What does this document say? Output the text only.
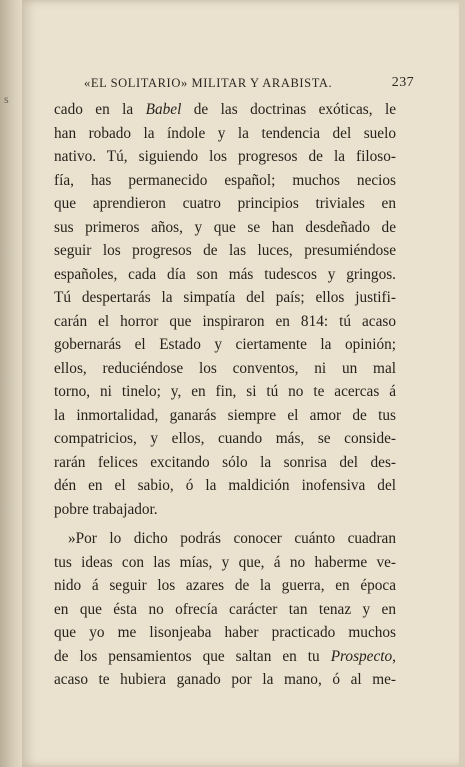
s
«EL SOLITARIO» MILITAR Y ARABISTA.	237
cado en la Babel de las doctrinas exóticas, le
han robado la índole y la tendencia del suelo
nativo. Tú, siguiendo los progresos de la filoso-
fía, has permanecido español; muchos necios
que aprendieron cuatro principios triviales en
sus primeros años, y que se han desdeñado de
seguir los progresos de las luces, presumiéndose
españoles, cada día son más tudescos y gringos.
Tú despertarás la simpatía del país; ellos justifi-
carán el horror que inspiraron en 814: tú acaso
gobernarás el Estado y ciertamente la opinión;
ellos, reduciéndose los conventos, ni un mal
torno, ni tinelo; y, en fin, si tú no te acercas á
la inmortalidad, ganarás siempre el amor de tus
compatricios, y ellos, cuando más, se conside-
rarán felices excitando sólo la sonrisa del des-
dén en el sabio, ó la maldición inofensiva del
pobre trabajador.
»Por lo dicho podrás conocer cuánto cuadran
tus ideas con las mías, y que, á no haberme ve-
nido á seguir los azares de la guerra, en época
en que ésta no ofrecía carácter tan tenaz y en
que yo me lisonjeaba haber practicado muchos
de los pensamientos que saltan en tu Prospecto,
acaso te hubiera ganado por la mano, ó al me-
